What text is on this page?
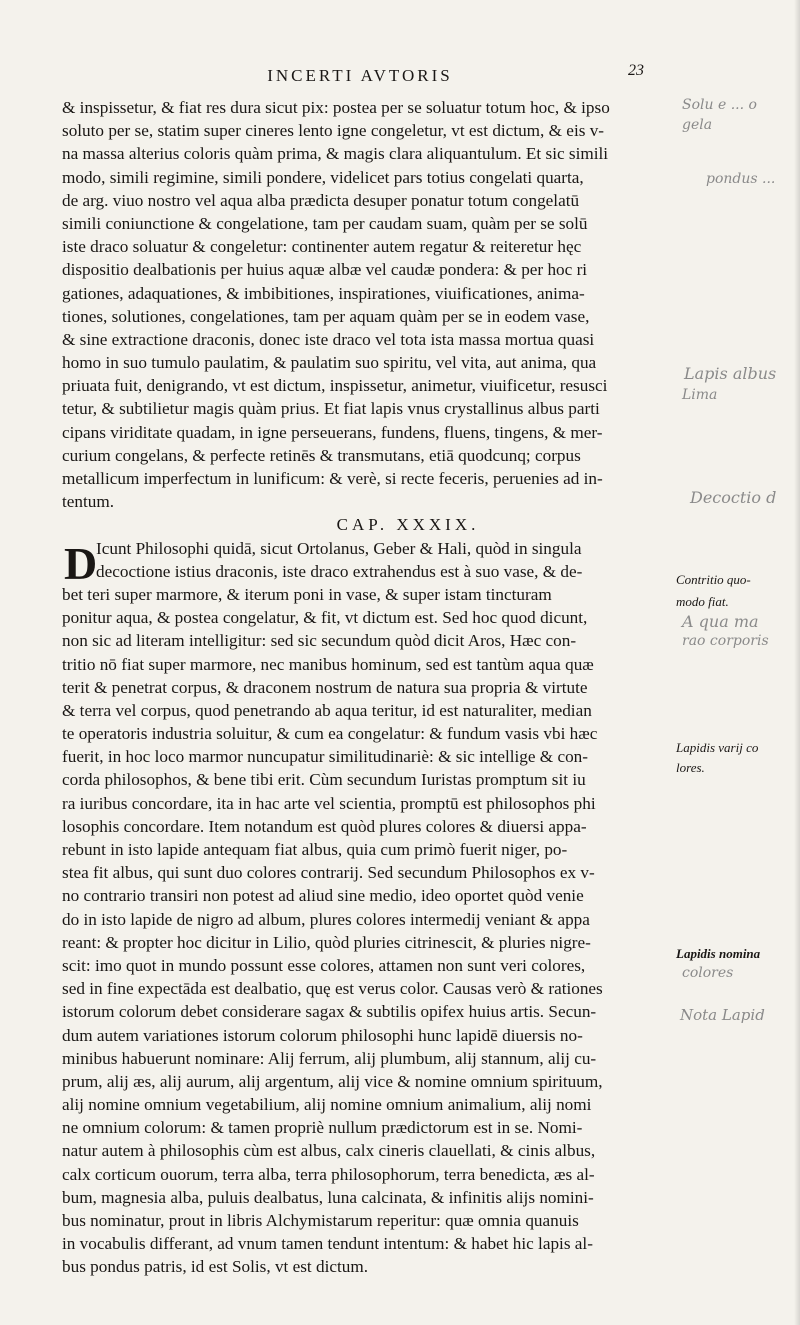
INCERTI AVTORIS	23
& inspissetur, & fiat res dura sicut pix: postea per se soluatur totum hoc, & ipso
soluto per se, statim super cineres lento igne congeletur, vt est dictum, & eis v-
na massa alterius coloris quàm prima, & magis clara aliquantulum. Et sic simili
modo, simili regimine, simili pondere, videlicet pars totius congelati quarta,
de arg. viuo nostro vel aqua alba prædicta desuper ponatur totum congelatū
simili coniunctione & congelatione, tam per caudam suam, quàm per se solū
iste draco soluatur & congeletur: continenter autem regatur & reiteretur hęc
dispositio dealbationis per huius aquæ albæ vel caudæ pondera: & per hoc ri
gationes, adaquationes, & imbibitiones, inspirationes, viuificationes, anima-
tiones, solutiones, congelationes, tam per aquam quàm per se in eodem vase,
& sine extractione draconis, donec iste draco vel tota ista massa mortua quasi
homo in suo tumulo paulatim, & paulatim suo spiritu, vel vita, aut anima, qua
priuata fuit, denigrando, vt est dictum, inspissetur, animetur, viuificetur, resusci
tetur, & subtilietur magis quàm prius. Et fiat lapis vnus crystallinus albus parti
cipans viriditate quadam, in igne perseuerans, fundens, fluens, tingens, & mer-
curium congelans, & perfecte retinēs & transmutans, etiā quodcunq; corpus
metallicum imperfectum in lunificum: & verè, si recte feceris, peruenies ad in-
tentum.
CAP. XXXIX.
D
Icunt Philosophi quidā, sicut Ortolanus, Geber & Hali, quòd in singula
decoctione istius draconis, iste draco extrahendus est à suo vase, & de-
bet teri super marmore, & iterum poni in vase, & super istam tincturam
ponitur aqua, & postea congelatur, & fit, vt dictum est. Sed hoc quod dicunt,
non sic ad literam intelligitur: sed sic secundum quòd dicit Aros, Hæc con-
tritio nō fiat super marmore, nec manibus hominum, sed est tantùm aqua quæ
terit & penetrat corpus, & draconem nostrum de natura sua propria & virtute
& terra vel corpus, quod penetrando ab aqua teritur, id est naturaliter, median
te operatoris industria soluitur, & cum ea congelatur: & fundum vasis vbi hæc
fuerit, in hoc loco marmor nuncupatur similitudinariè: & sic intellige & con-
corda philosophos, & bene tibi erit. Cùm secundum Iuristas promptum sit iu
ra iuribus concordare, ita in hac arte vel scientia, promptū est philosophos phi
losophis concordare. Item notandum est quòd plures colores & diuersi appa-
rebunt in isto lapide antequam fiat albus, quia cum primò fuerit niger, po-
stea fit albus, qui sunt duo colores contrarij. Sed secundum Philosophos ex v-
no contrario transiri non potest ad aliud sine medio, ideo oportet quòd venie
do in isto lapide de nigro ad album, plures colores intermedij veniant & appa
reant: & propter hoc dicitur in Lilio, quòd pluries citrinescit, & pluries nigre-
scit: imo quot in mundo possunt esse colores, attamen non sunt veri colores,
sed in fine expectāda est dealbatio, quę est verus color. Causas verò & rationes
istorum colorum debet considerare sagax & subtilis opifex huius artis. Secun-
dum autem variationes istorum colorum philosophi hunc lapidē diuersis no-
minibus habuerunt nominare: Alij ferrum, alij plumbum, alij stannum, alij cu-
prum, alij æs, alij aurum, alij argentum, alij vice & nomine omnium spirituum,
alij nomine omnium vegetabilium, alij nomine omnium animalium, alij nomi
ne omnium colorum: & tamen propriè nullum prædictorum est in se. Nomi-
natur autem à philosophis cùm est albus, calx cineris clauellati, & cinis albus,
calx corticum ouorum, terra alba, terra philosophorum, terra benedicta, æs al-
bum, magnesia alba, puluis dealbatus, luna calcinata, & infinitis alijs nomini-
bus nominatur, prout in libris Alchymistarum reperitur: quæ omnia quanuis
in vocabulis differant, ad vnum tamen tendunt intentum: & habet hic lapis al-
bus pondus patris, id est Solis, vt est dictum.
Solu e ... o
gela
pondus ...
Lapis albus
Lima
Decoctio d
Contritio quo-
modo fiat.
A qua ma
rao corporis
Lapidis varij co
lores.
Lapidis nomina
colores
Nota Lapid
